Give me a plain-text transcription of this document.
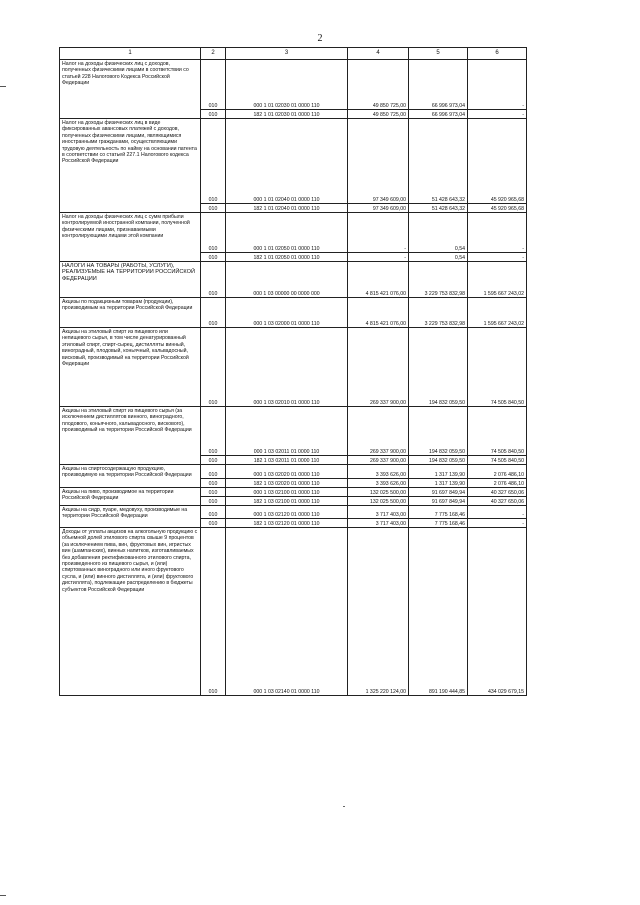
2
1	2	3	4	5	6
Налог на доходы физических лиц с доходов, полученных физическими лицами в соответствии со статьей 228 Налогового Кодекса Российской Федерации	010	000 1 01 02030 01 0000 110	49 850 725,00	66 996 973,04	-
	010	182 1 01 02030 01 0000 110	49 850 725,00	66 996 973,04	-
Налог на доходы физических лиц в виде фиксированных авансовых платежей с доходов, полученных физическими лицами, являющимися иностранными гражданами, осуществляющими трудовую деятельность по найму на основании патента в соответствии со статьей 227.1 Налогового кодекса Российской Федерации	010	000 1 01 02040 01 0000 110	97 349 609,00	51 428 643,32	45 920 965,68
	010	182 1 01 02040 01 0000 110	97 349 609,00	51 428 643,32	45 920 965,68
Налог на доходы физических лиц с сумм прибыли контролируемой иностранной компании, полученной физическими лицами, признаваемыми контролирующими лицами этой компании	010	000 1 01 02050 01 0000 110	-	0,54	-
	010	182 1 01 02050 01 0000 110	-	0,54	-
НАЛОГИ НА ТОВАРЫ (РАБОТЫ, УСЛУГИ), РЕАЛИЗУЕМЫЕ НА ТЕРРИТОРИИ РОССИЙСКОЙ ФЕДЕРАЦИИ	010	000 1 03 00000 00 0000 000	4 815 421 076,00	3 229 753 832,98	1 595 667 243,02
Акцизы по подакцизным товарам (продукции), производимым на территории Российской Федерации	010	000 1 03 02000 01 0000 110	4 815 421 076,00	3 229 753 832,98	1 595 667 243,02
Акцизы на этиловый спирт из пищевого или непищевого сырья, в том числе денатурированный этиловый спирт, спирт-сырец, дистилляты винный, виноградный, плодовый, коньячный, кальвадосный, висковый, производимый на территории Российской Федерации	010	000 1 03 02010 01 0000 110	269 337 900,00	194 832 059,50	74 505 840,50
Акцизы на этиловый спирт из пищевого сырья (за исключением дистиллятов винного, виноградного, плодового, коньячного, кальвадосного, вискового), производимый на территории Российской Федерации	010	000 1 03 02011 01 0000 110	269 337 900,00	194 832 059,50	74 505 840,50
	010	182 1 03 02011 01 0000 110	269 337 900,00	194 832 059,50	74 505 840,50
Акцизы на спиртосодержащую продукцию, производимую на территории Российской Федерации	010	000 1 03 02020 01 0000 110	3 393 626,00	1 317 139,90	2 076 486,10
	010	182 1 03 02020 01 0000 110	3 393 626,00	1 317 139,90	2 076 486,10
Акцизы на пиво, производимое на территории Российской Федерации	010	000 1 03 02100 01 0000 110	132 025 500,00	91 697 849,94	40 327 650,06
	010	182 1 03 02100 01 0000 110	132 025 500,00	91 697 849,94	40 327 650,06
Акцизы на сидр, пуаре, медовуху, производимые на территории Российской Федерации	010	000 1 03 02120 01 0000 110	3 717 403,00	7 775 168,46	-
	010	182 1 03 02120 01 0000 110	3 717 403,00	7 775 168,46	-
Доходы от уплаты акцизов на алкогольную продукцию с объемной долей этилового спирта свыше 9 процентов (за исключением пива, вин, фруктовых вин, игристых вин (шампанских), винных напитков, изготавливаемых без добавления ректификованного этилового спирта, произведенного из пищевого сырья, и (или) спиртованных виноградного или иного фруктового сусла, и (или) винного дистиллята, и (или) фруктового дистиллята), подлежащие распределению в бюджеты субъектов Российской Федерации	010	000 1 03 02140 01 0000 110	1 325 220 124,00	891 190 444,85	434 029 679,15
